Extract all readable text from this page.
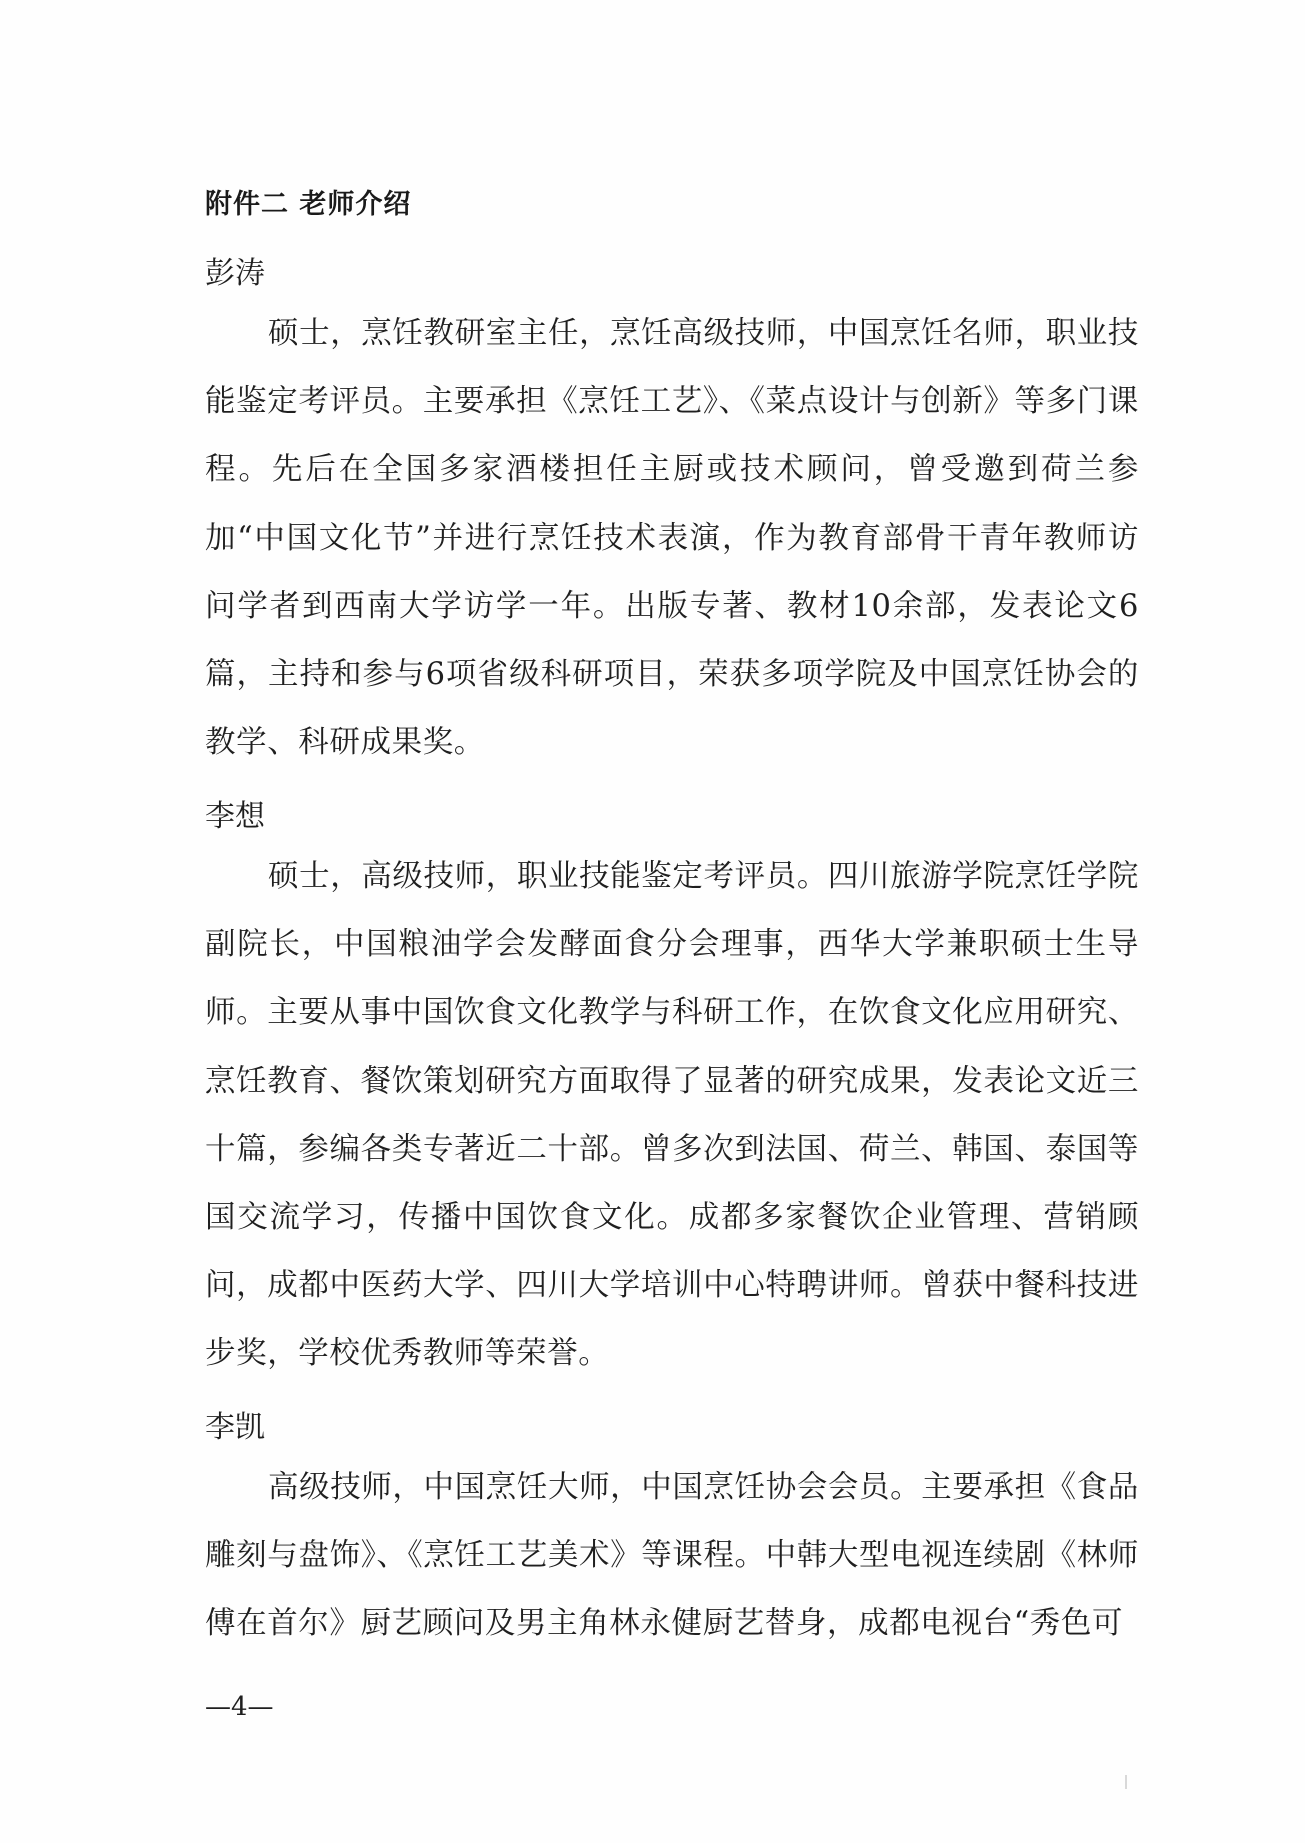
附件二 老师介绍
彭涛
硕士，烹饪教研室主任，烹饪高级技师，中国烹饪名师，职业技能鉴定考评员。主要承担《烹饪工艺》、《菜点设计与创新》等多门课程。先后在全国多家酒楼担任主厨或技术顾问，曾受邀到荷兰参加“中国文化节”并进行烹饪技术表演，作为教育部骨干青年教师访问学者到西南大学访学一年。出版专著、教材10余部，发表论文6篇，主持和参与6项省级科研项目，荣获多项学院及中国烹饪协会的教学、科研成果奖。
李想
硕士，高级技师，职业技能鉴定考评员。四川旅游学院烹饪学院副院长，中国粮油学会发酵面食分会理事，西华大学兼职硕士生导师。主要从事中国饮食文化教学与科研工作，在饮食文化应用研究、烹饪教育、餐饮策划研究方面取得了显著的研究成果，发表论文近三十篇，参编各类专著近二十部。曾多次到法国、荷兰、韩国、泰国等国交流学习，传播中国饮食文化。成都多家餐饮企业管理、营销顾问，成都中医药大学、四川大学培训中心特聘讲师。曾获中餐科技进步奖，学校优秀教师等荣誉。
李凯
高级技师，中国烹饪大师，中国烹饪协会会员。主要承担《食品雕刻与盘饰》、《烹饪工艺美术》等课程。中韩大型电视连续剧《林师傅在首尔》厨艺顾问及男主角林永健厨艺替身，成都电视台“秀色可
—4—
